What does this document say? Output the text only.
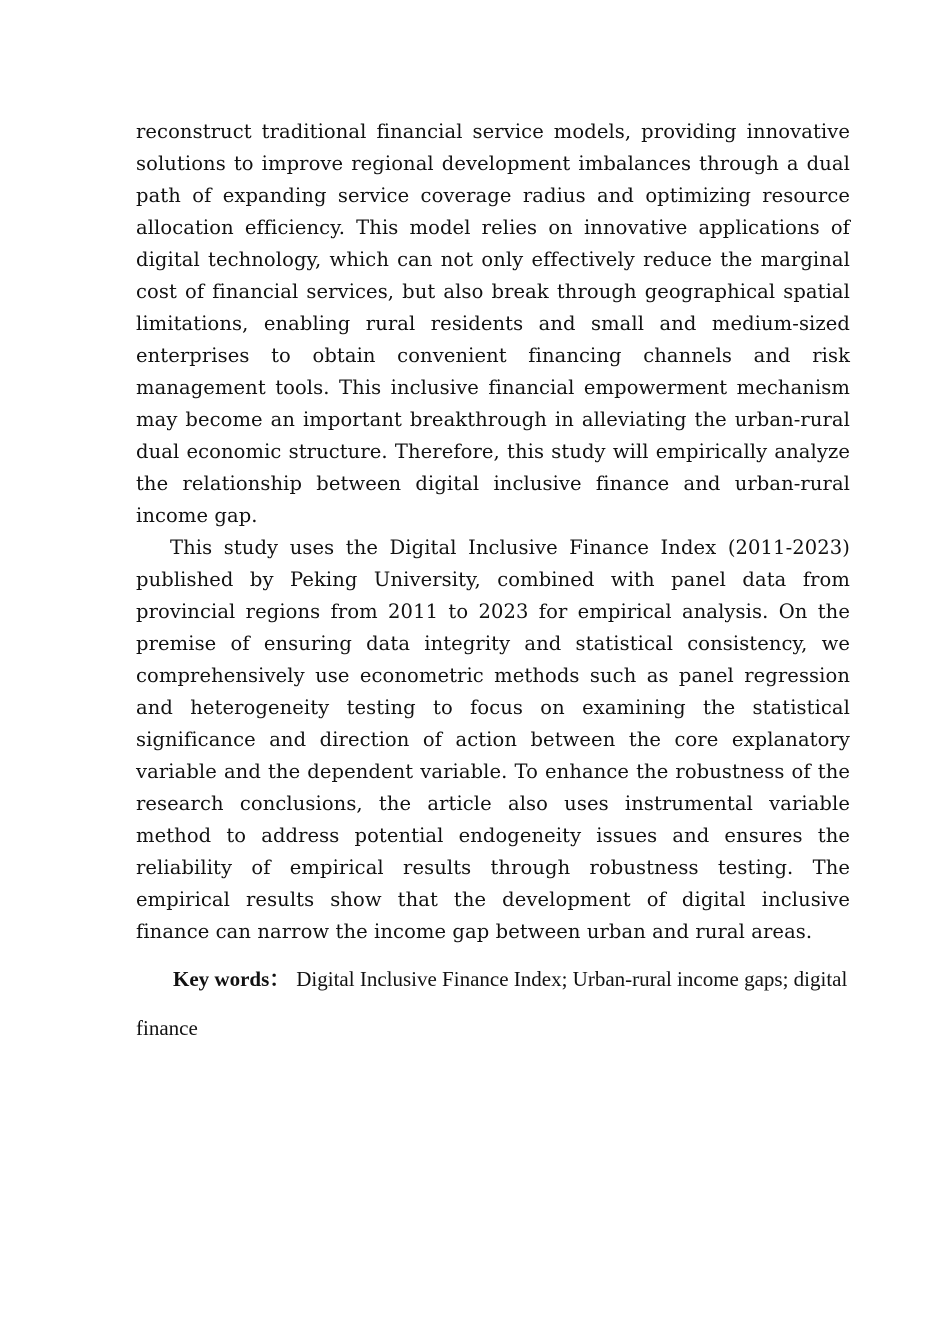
reconstruct traditional financial service models, providing innovative solutions to improve regional development imbalances through a dual path of expanding service coverage radius and optimizing resource allocation efficiency. This model relies on innovative applications of digital technology, which can not only effectively reduce the marginal cost of financial services, but also break through geographical spatial limitations, enabling rural residents and small and medium-sized enterprises to obtain convenient financing channels and risk management tools. This inclusive financial empowerment mechanism may become an important breakthrough in alleviating the urban-rural dual economic structure. Therefore, this study will empirically analyze the relationship between digital inclusive finance and urban-rural income gap.

This study uses the Digital Inclusive Finance Index (2011-2023) published by Peking University, combined with panel data from provincial regions from 2011 to 2023 for empirical analysis. On the premise of ensuring data integrity and statistical consistency, we comprehensively use econometric methods such as panel regression and heterogeneity testing to focus on examining the statistical significance and direction of action between the core explanatory variable and the dependent variable. To enhance the robustness of the research conclusions, the article also uses instrumental variable method to address potential endogeneity issues and ensures the reliability of empirical results through robustness testing. The empirical results show that the development of digital inclusive finance can narrow the income gap between urban and rural areas.

Key words： Digital Inclusive Finance Index; Urban-rural income gaps; digital finance
